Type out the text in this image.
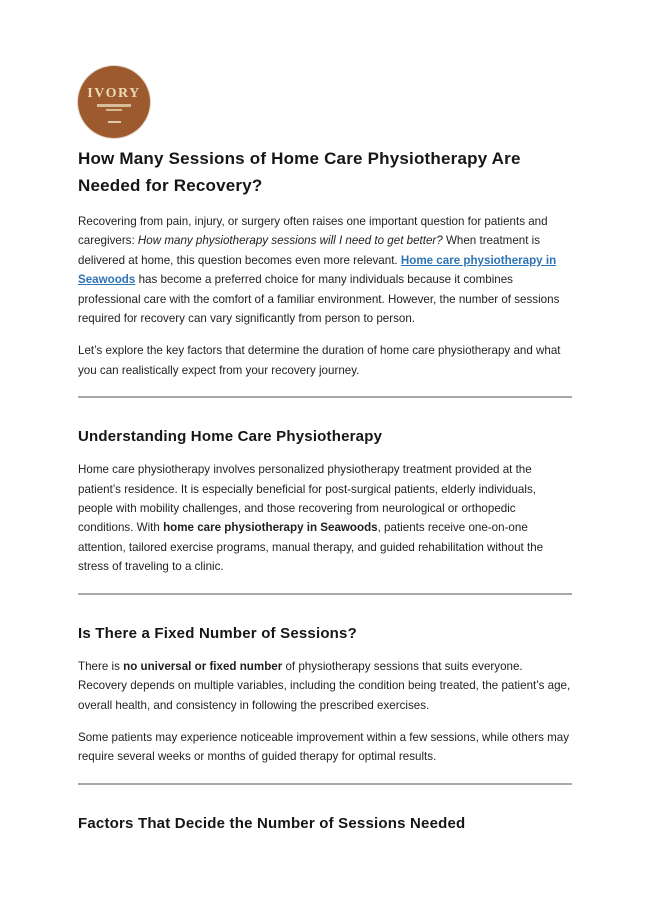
IVORY
How Many Sessions of Home Care Physiotherapy Are Needed for Recovery?

Recovering from pain, injury, or surgery often raises one important question for patients and caregivers: How many physiotherapy sessions will I need to get better? When treatment is delivered at home, this question becomes even more relevant. Home care physiotherapy in Seawoods has become a preferred choice for many individuals because it combines professional care with the comfort of a familiar environment. However, the number of sessions required for recovery can vary significantly from person to person.

Let’s explore the key factors that determine the duration of home care physiotherapy and what you can realistically expect from your recovery journey.

Understanding Home Care Physiotherapy

Home care physiotherapy involves personalized physiotherapy treatment provided at the patient’s residence. It is especially beneficial for post-surgical patients, elderly individuals, people with mobility challenges, and those recovering from neurological or orthopedic conditions. With home care physiotherapy in Seawoods, patients receive one-on-one attention, tailored exercise programs, manual therapy, and guided rehabilitation without the stress of traveling to a clinic.

Is There a Fixed Number of Sessions?

There is no universal or fixed number of physiotherapy sessions that suits everyone. Recovery depends on multiple variables, including the condition being treated, the patient’s age, overall health, and consistency in following the prescribed exercises.

Some patients may experience noticeable improvement within a few sessions, while others may require several weeks or months of guided therapy for optimal results.

Factors That Decide the Number of Sessions Needed
